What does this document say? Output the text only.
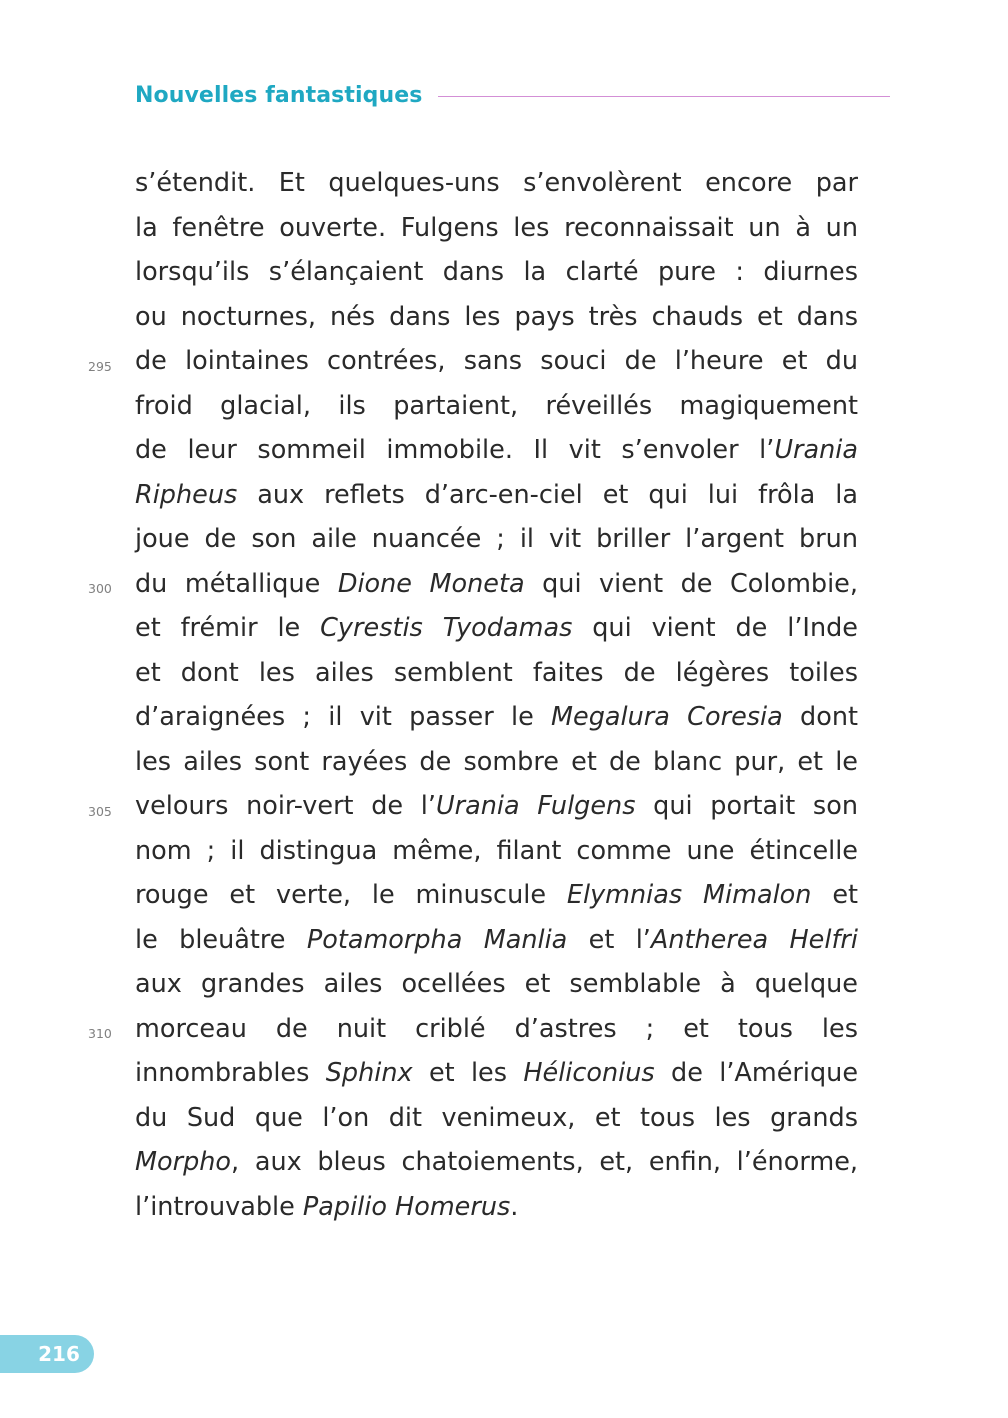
Nouvelles fantastiques
295
300
305
310
s’étendit. Et quelques-uns s’envolèrent encore par
la fenêtre ouverte. Fulgens les reconnaissait un à un
lorsqu’ils s’élançaient dans la clarté pure : diurnes
ou nocturnes, nés dans les pays très chauds et dans
de lointaines contrées, sans souci de l’heure et du
froid glacial, ils partaient, réveillés magiquement
de leur sommeil immobile. Il vit s’envoler l’Urania
Ripheus aux reflets d’arc-en-ciel et qui lui frôla la
joue de son aile nuancée ; il vit briller l’argent brun
du métallique Dione Moneta qui vient de Colombie,
et frémir le Cyrestis Tyodamas qui vient de l’Inde
et dont les ailes semblent faites de légères toiles
d’araignées ; il vit passer le Megalura Coresia dont
les ailes sont rayées de sombre et de blanc pur, et le
velours noir-vert de l’Urania Fulgens qui portait son
nom ; il distingua même, filant comme une étincelle
rouge et verte, le minuscule Elymnias Mimalon et
le bleuâtre Potamorpha Manlia et l’Antherea Helfri
aux grandes ailes ocellées et semblable à quelque
morceau de nuit criblé d’astres ; et tous les
innombrables Sphinx et les Héliconius de l’Amérique
du Sud que l’on dit venimeux, et tous les grands
Morpho, aux bleus chatoiements, et, enfin, l’énorme,
l’introuvable Papilio Homerus.
216
